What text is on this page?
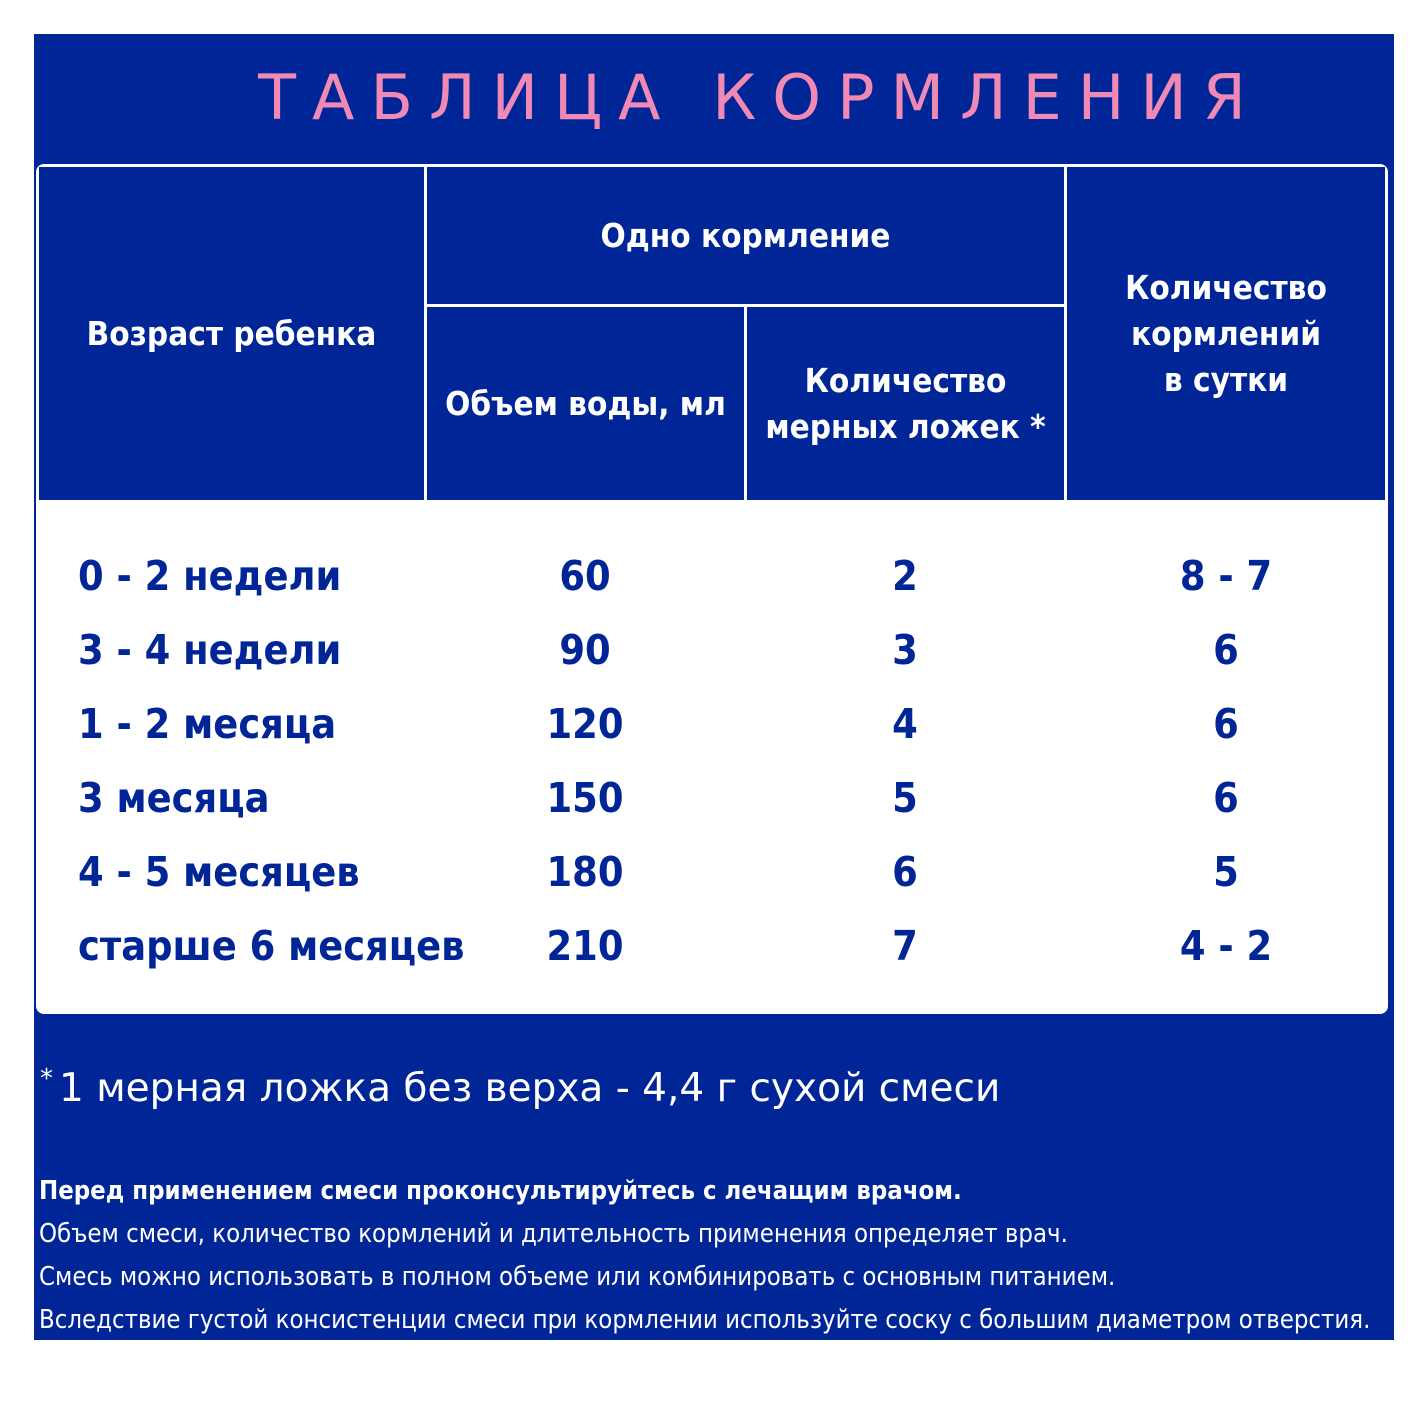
ТАБЛИЦА КОРМЛЕНИЯ
Возраст ребенка
Одно кормление
Объем воды, мл
Количество
мерных ложек *
Количество
кормлений
в сутки
0 - 2 недели	60	2	8 - 7
3 - 4 недели	90	3	6
1 - 2 месяца	120	4	6
3 месяца	150	5	6
4 - 5 месяцев	180	6	5
старше 6 месяцев	210	7	4 - 2
* 1 мерная ложка без верха - 4,4 г сухой смеси
Перед применением смеси проконсультируйтесь с лечащим врачом.
Объем смеси, количество кормлений и длительность применения определяет врач.
Смесь можно использовать в полном объеме или комбинировать с основным питанием.
Вследствие густой консистенции смеси при кормлении используйте соску с большим диаметром отверстия.
При кормлении смесью необходимо допаивать ребенка питьевой водой.
